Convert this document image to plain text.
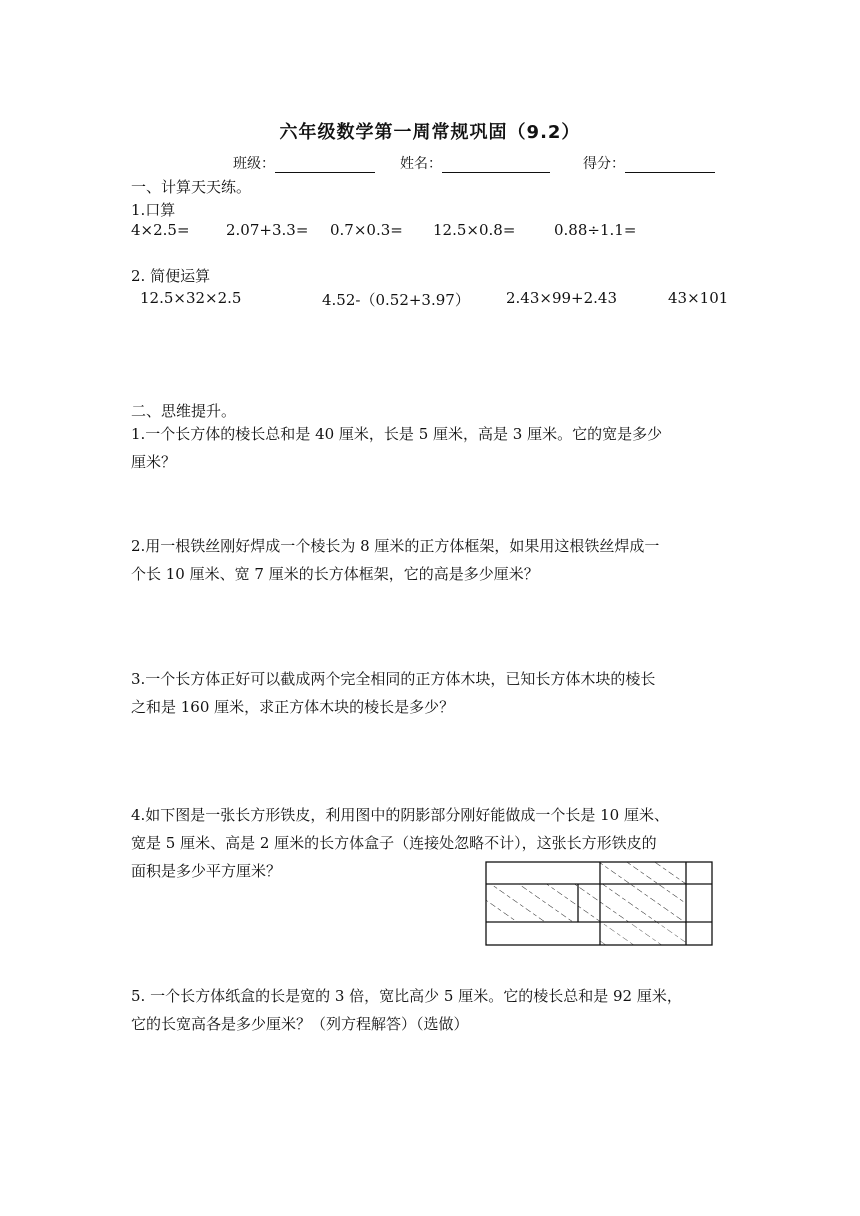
六年级数学第一周常规巩固（9.2）
班级：	姓名：	得分：
一、计算天天练。
1.口算
4×2.5= 2.07+3.3= 0.7×0.3= 12.5×0.8=	0.88÷1.1=
2. 简便运算
12.5×32×2.5	4.52-（0.52+3.97） 2.43×99+2.43	43×101
二、思维提升。
1.一个长方体的棱长总和是 40 厘米，长是 5 厘米，高是 3 厘米。它的宽是多少
厘米？
2.用一根铁丝刚好焊成一个棱长为 8 厘米的正方体框架，如果用这根铁丝焊成一
个长 10 厘米、宽 7 厘米的长方体框架，它的高是多少厘米？
3.一个长方体正好可以截成两个完全相同的正方体木块，已知长方体木块的棱长
之和是 160 厘米，求正方体木块的棱长是多少？
4.如下图是一张长方形铁皮，利用图中的阴影部分刚好能做成一个长是 10 厘米、
宽是 5 厘米、高是 2 厘米的长方体盒子（连接处忽略不计），这张长方形铁皮的
面积是多少平方厘米？
5. 一个长方体纸盒的长是宽的 3 倍，宽比高少 5 厘米。它的棱长总和是 92 厘米，
它的长宽高各是多少厘米？（列方程解答）（选做）
